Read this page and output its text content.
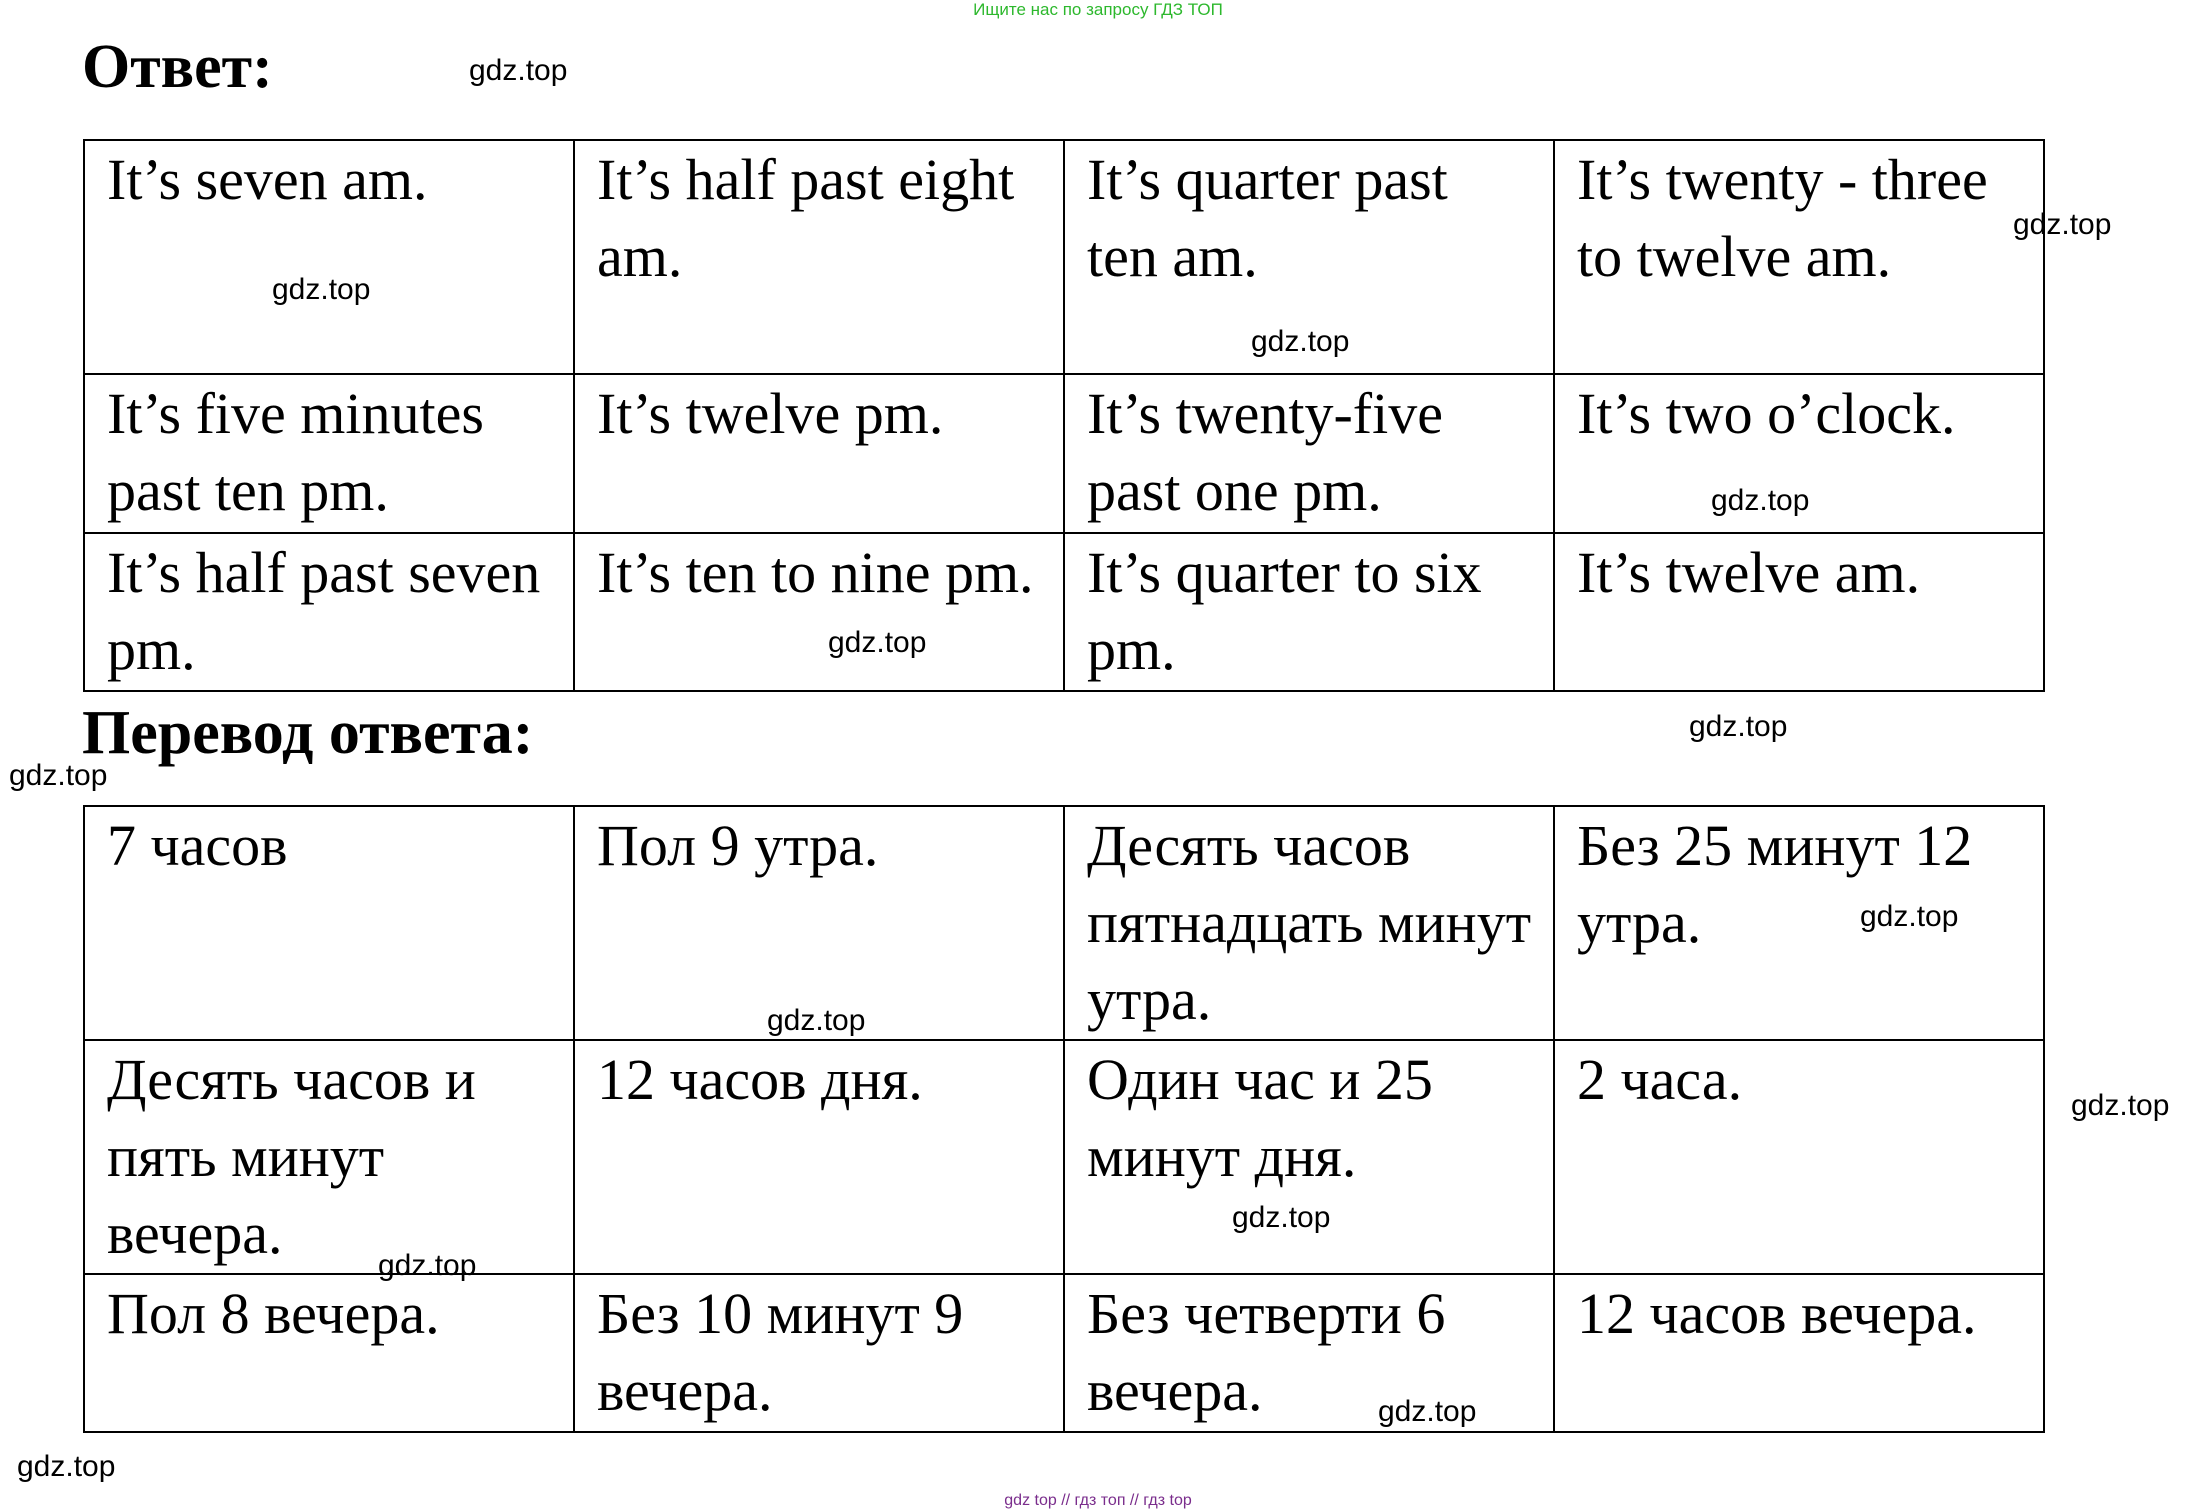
Ищите нас по запросу ГДЗ ТОП
Ответ:
It’s seven am.	It’s half past eight am.	It’s quarter past ten am.	It’s twenty - three to twelve am.
It’s five minutes past ten pm.	It’s twelve pm.	It’s twenty-five past one pm.	It’s two o’clock.
It’s half past seven pm.	It’s ten to nine pm.	It’s quarter to six pm.	It’s twelve am.
Перевод ответа:
7 часов	Пол 9 утра.	Десять часов пятнадцать минут утра.	Без 25 минут 12 утра.
Десять часов и пять минут вечера.	12 часов дня.	Один час и 25 минут дня.	2 часа.
Пол 8 вечера.	Без 10 минут 9 вечера.	Без четверти 6 вечера.	12 часов вечера.
gdz.top
gdz.top
gdz.top
gdz.top
gdz.top
gdz.top
gdz.top
gdz.top
gdz.top
gdz.top
gdz.top
gdz.top
gdz.top
gdz.top
gdz.top
gdz top // гдз топ // гдз top
